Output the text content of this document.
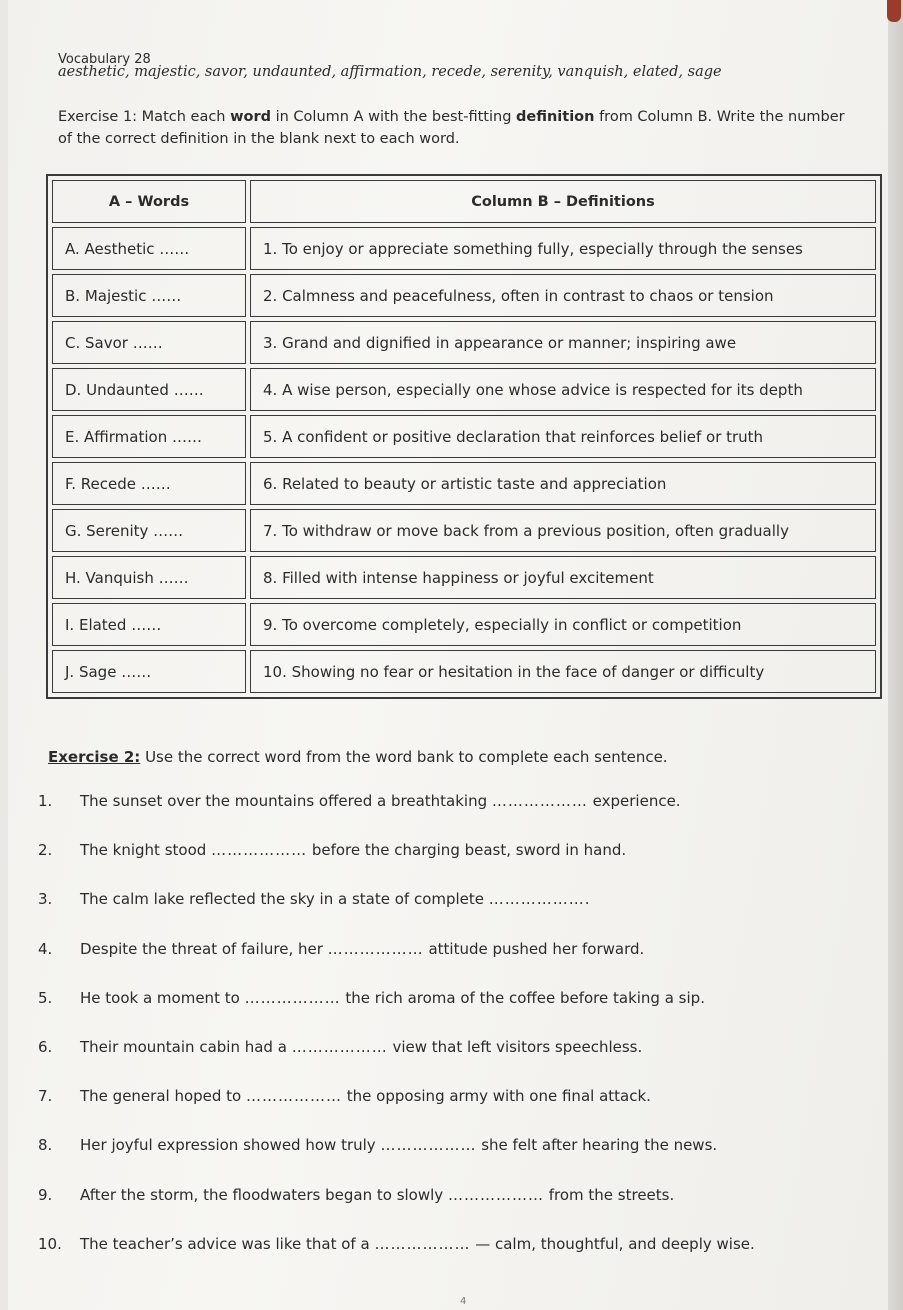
Vocabulary 28
aesthetic, majestic, savor, undaunted, affirmation, recede, serenity, vanquish, elated, sage
Exercise 1: Match each word in Column A with the best-fitting definition from Column B. Write the number of the correct definition in the blank next to each word.
A – Words	Column B – Definitions
A. Aesthetic ……	1. To enjoy or appreciate something fully, especially through the senses
B. Majestic ……	2. Calmness and peacefulness, often in contrast to chaos or tension
C. Savor ……	3. Grand and dignified in appearance or manner; inspiring awe
D. Undaunted ……	4. A wise person, especially one whose advice is respected for its depth
E. Affirmation ……	5. A confident or positive declaration that reinforces belief or truth
F. Recede ……	6. Related to beauty or artistic taste and appreciation
G. Serenity ……	7. To withdraw or move back from a previous position, often gradually
H. Vanquish ……	8. Filled with intense happiness or joyful excitement
I. Elated ……	9. To overcome completely, especially in conflict or competition
J. Sage ……	10. Showing no fear or hesitation in the face of danger or difficulty
Exercise 2: Use the correct word from the word bank to complete each sentence.
1.	The sunset over the mountains offered a breathtaking ……………… experience.
2.	The knight stood ……………… before the charging beast, sword in hand.
3.	The calm lake reflected the sky in a state of complete ……………….
4.	Despite the threat of failure, her ……………… attitude pushed her forward.
5.	He took a moment to ……………… the rich aroma of the coffee before taking a sip.
6.	Their mountain cabin had a ……………… view that left visitors speechless.
7.	The general hoped to ……………… the opposing army with one final attack.
8.	Her joyful expression showed how truly ……………… she felt after hearing the news.
9.	After the storm, the floodwaters began to slowly ……………… from the streets.
10.	The teacher’s advice was like that of a ……………… — calm, thoughtful, and deeply wise.
4
